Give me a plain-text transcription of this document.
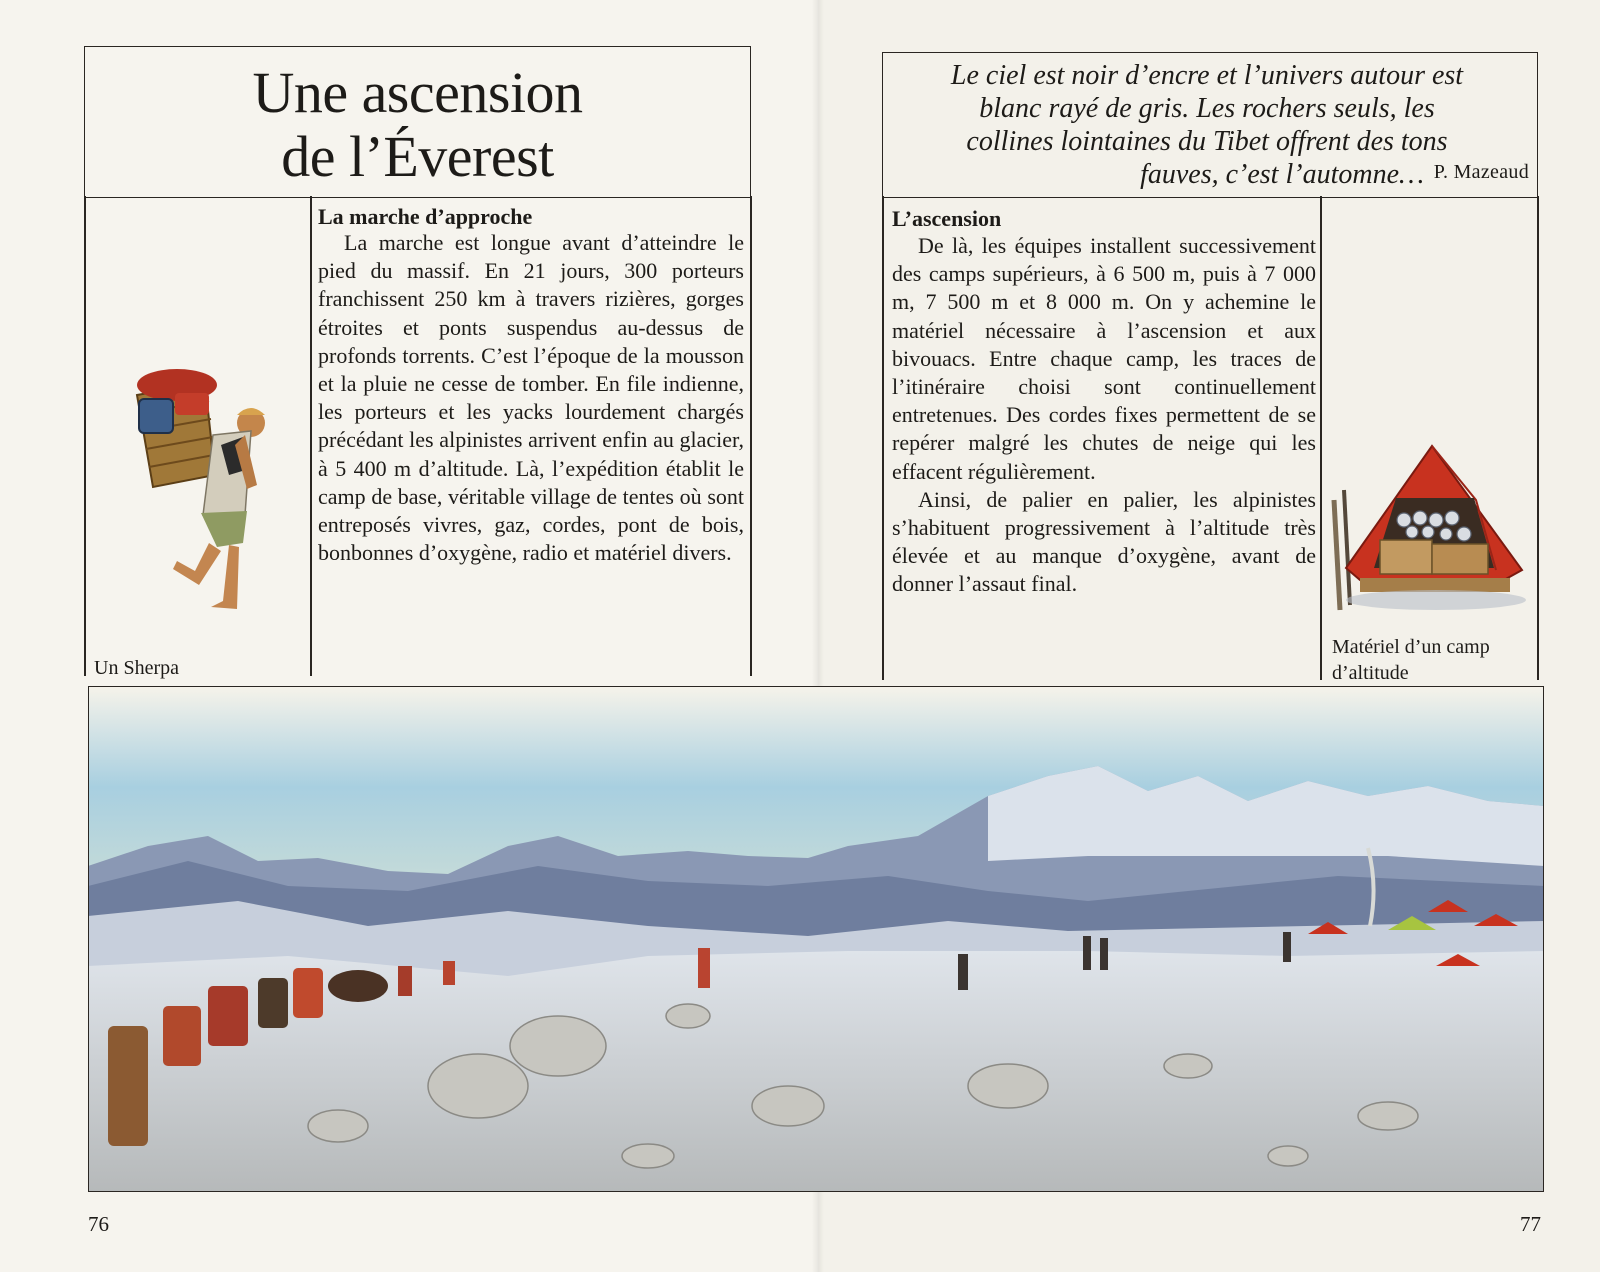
Une ascension
de l’Éverest
Un Sherpa
La marche d’approche

La marche est longue avant d’atteindre le pied du massif. En 21 jours, 300 porteurs franchissent 250 km à travers rizières, gorges étroites et ponts suspendus au-dessus de profonds torrents. C’est l’époque de la mousson et la pluie ne cesse de tomber. En file indienne, les porteurs et les yacks lourdement chargés précédant les alpinistes arrivent enfin au glacier, à 5 400 m d’altitude. Là, l’expédition établit le camp de base, véritable village de tentes où sont entreposés vivres, gaz, cordes, pont de bois, bonbonnes d’oxygène, radio et matériel divers.

Le ciel est noir d’encre et l’univers autour est
blanc rayé de gris. Les rochers seuls, les
collines lointaines du Tibet offrent des tons
fauves, c’est l’automne… P. Mazeaud
L’ascension

De là, les équipes installent successivement des camps supérieurs, à 6 500 m, puis à 7 000 m, 7 500 m et 8 000 m. On y achemine le matériel nécessaire à l’ascension et aux bivouacs. Entre chaque camp, les traces de l’itinéraire choisi sont continuellement entretenues. Des cordes fixes permettent de se repérer malgré les chutes de neige qui les effacent régulièrement.

Ainsi, de palier en palier, les alpinistes s’habituent progressivement à l’altitude très élevée et au manque d’oxygène, avant de donner l’assaut final.

Matériel d’un camp
d’altitude
76	77
